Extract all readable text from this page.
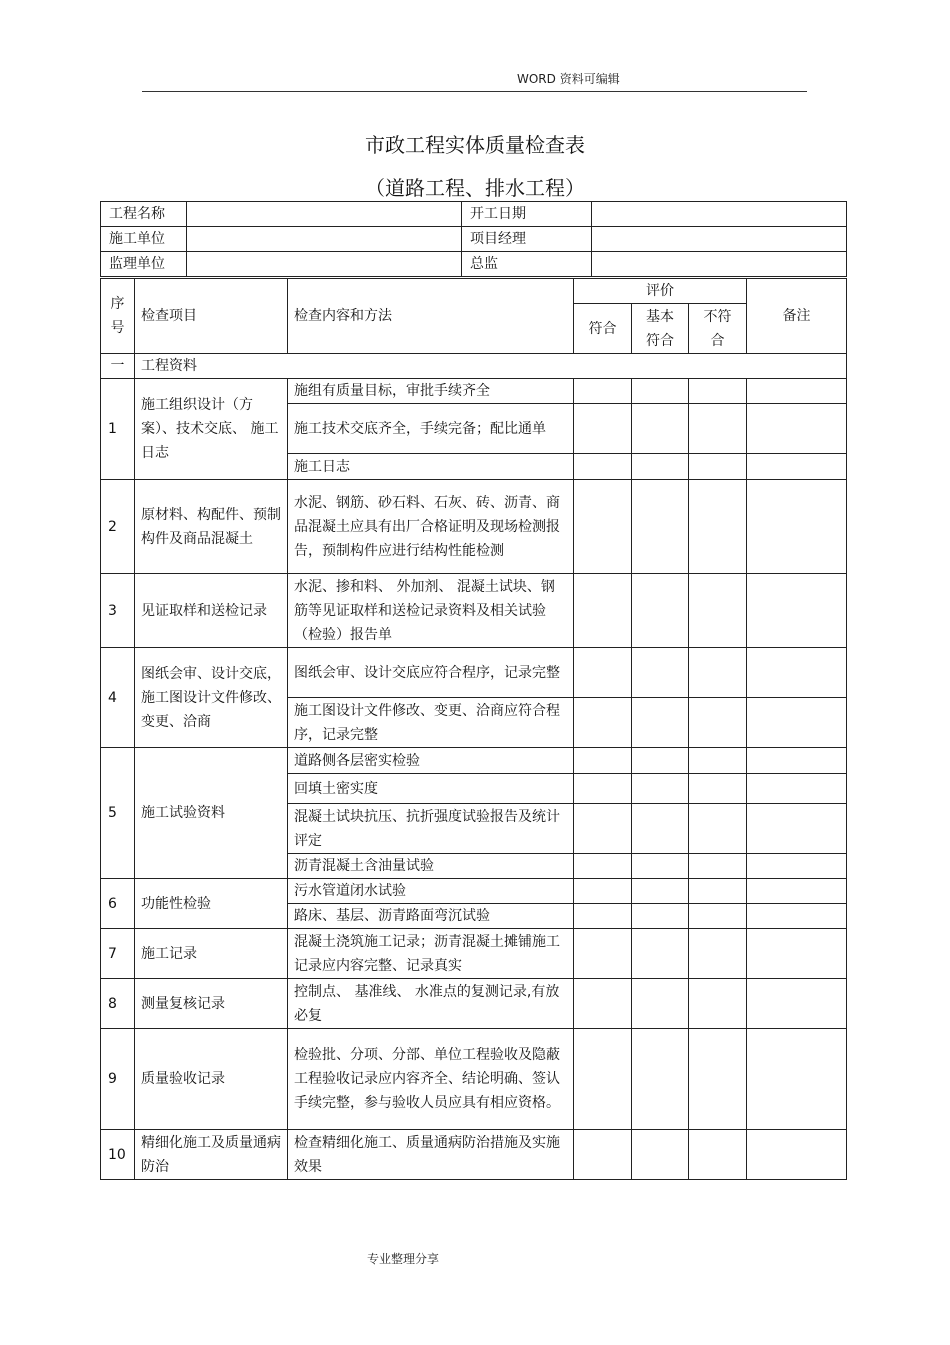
WORD 资料可编辑
市政工程实体质量检查表
（道路工程、排水工程）
工程名称		开工日期	
施工单位		项目经理	
监理单位		总监	
序号	检查项目	检查内容和方法	评价			备注
			符合	基本符合	不符合	

一	工程资料					
1	施工组织设计（方案）、技术交底、 施工日志	施组有质量目标，审批手续齐全				
		施工技术交底齐全，手续完备；配比通单				
		施工日志				
2	原材料、构配件、预制构件及商品混凝土	水泥、钢筋、砂石料、石灰、砖、沥青、商品混凝土应具有出厂合格证明及现场检测报告，预制构件应进行结构性能检测				
3	见证取样和送检记录	水泥、掺和料、 外加剂、 混凝土试块、钢筋等见证取样和送检记录资料及相关试验（检验）报告单				
4	图纸会审、设计交底，施工图设计文件修改、变更、洽商	图纸会审、设计交底应符合程序，记录完整				
		施工图设计文件修改、变更、洽商应符合程序，记录完整				
5	施工试验资料	道路侧各层密实检验				
		回填土密实度				
		混凝土试块抗压、抗折强度试验报告及统计评定				
		沥青混凝土含油量试验				
6	功能性检验	污水管道闭水试验				
		路床、基层、沥青路面弯沉试验				
7	施工记录	混凝土浇筑施工记录；沥青混凝土摊铺施工记录应内容完整、记录真实				
8	测量复核记录	控制点、 基准线、 水准点的复测记录,有放必复				
9	质量验收记录	检验批、分项、分部、单位工程验收及隐蔽工程验收记录应内容齐全、结论明确、签认手续完整，参与验收人员应具有相应资格。				
10	精细化施工及质量通病防治	检查精细化施工、质量通病防治措施及实施效果				
专业整理分享
